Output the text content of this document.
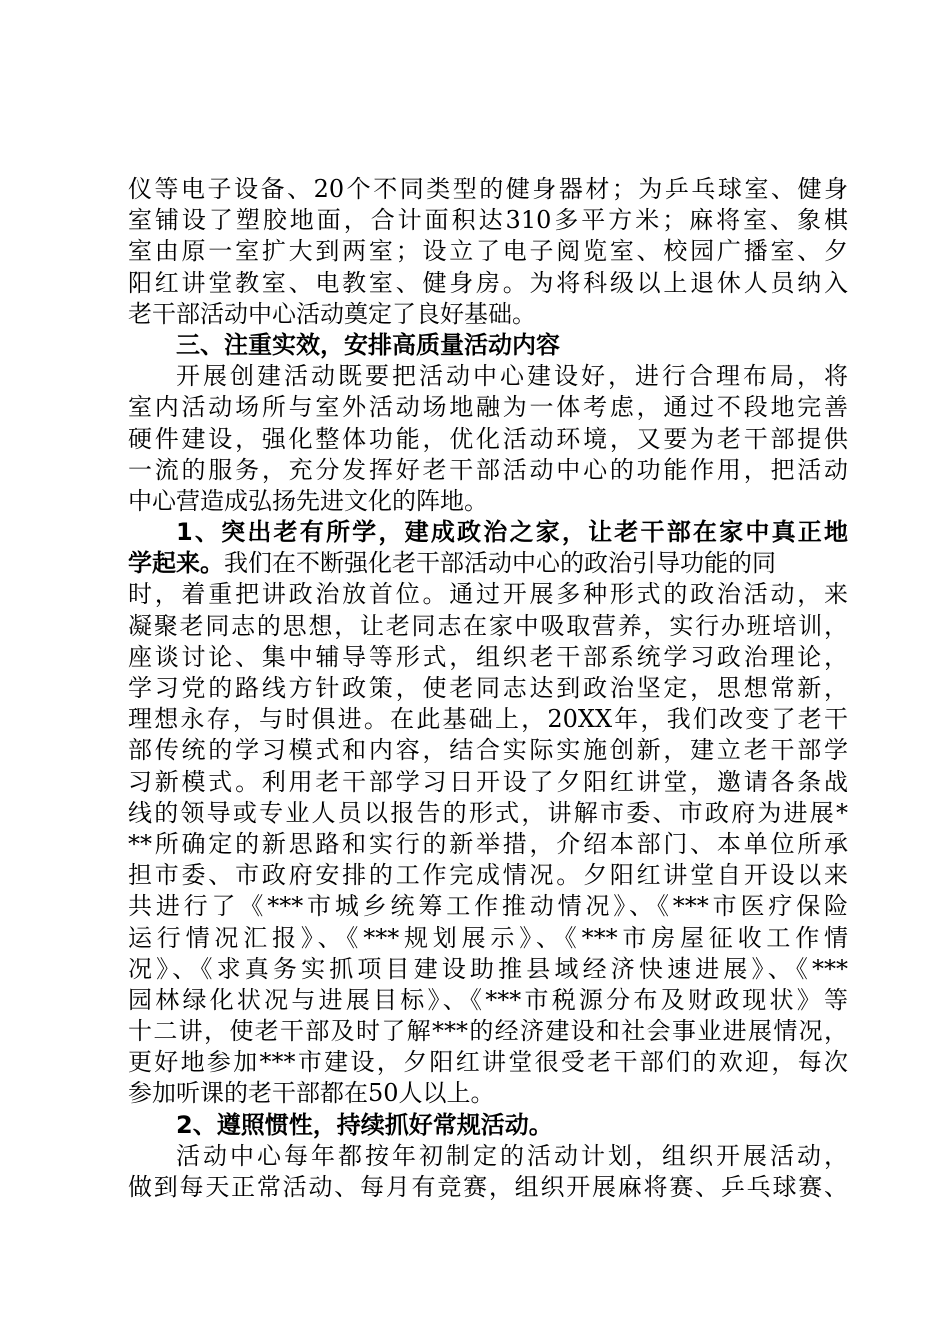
仪等电子设备、20个不同类型的健身器材；为乒乓球室、健身
室铺设了塑胶地面，合计面积达310多平方米；麻将室、象棋
室由原一室扩大到两室；设立了电子阅览室、校园广播室、夕
阳红讲堂教室、电教室、健身房。为将科级以上退休人员纳入
老干部活动中心活动奠定了良好基础。
三、注重实效，安排高质量活动内容
开展创建活动既要把活动中心建设好，进行合理布局，将
室内活动场所与室外活动场地融为一体考虑，通过不段地完善
硬件建设，强化整体功能，优化活动环境，又要为老干部提供
一流的服务，充分发挥好老干部活动中心的功能作用，把活动
中心营造成弘扬先进文化的阵地。
1、突出老有所学，建成政治之家，让老干部在家中真正地
学起来。我们在不断强化老干部活动中心的政治引导功能的同
时，着重把讲政治放首位。通过开展多种形式的政治活动，来
凝聚老同志的思想，让老同志在家中吸取营养，实行办班培训，
座谈讨论、集中辅导等形式，组织老干部系统学习政治理论，
学习党的路线方针政策，使老同志达到政治坚定，思想常新，
理想永存，与时俱进。在此基础上，20XX年，我们改变了老干
部传统的学习模式和内容，结合实际实施创新，建立老干部学
习新模式。利用老干部学习日开设了夕阳红讲堂，邀请各条战
线的领导或专业人员以报告的形式，讲解市委、市政府为进展*
**所确定的新思路和实行的新举措，介绍本部门、本单位所承
担市委、市政府安排的工作完成情况。夕阳红讲堂自开设以来
共进行了《***市城乡统筹工作推动情况》、《***市医疗保险
运行情况汇报》、《***规划展示》、《***市房屋征收工作情
况》、《求真务实抓项目建设助推县域经济快速进展》、《***
园林绿化状况与进展目标》、《***市税源分布及财政现状》等
十二讲，使老干部及时了解***的经济建设和社会事业进展情况，
更好地参加***市建设，夕阳红讲堂很受老干部们的欢迎，每次
参加听课的老干部都在50人以上。
2、遵照惯性，持续抓好常规活动。
活动中心每年都按年初制定的活动计划，组织开展活动，
做到每天正常活动、每月有竞赛，组织开展麻将赛、乒乓球赛、
